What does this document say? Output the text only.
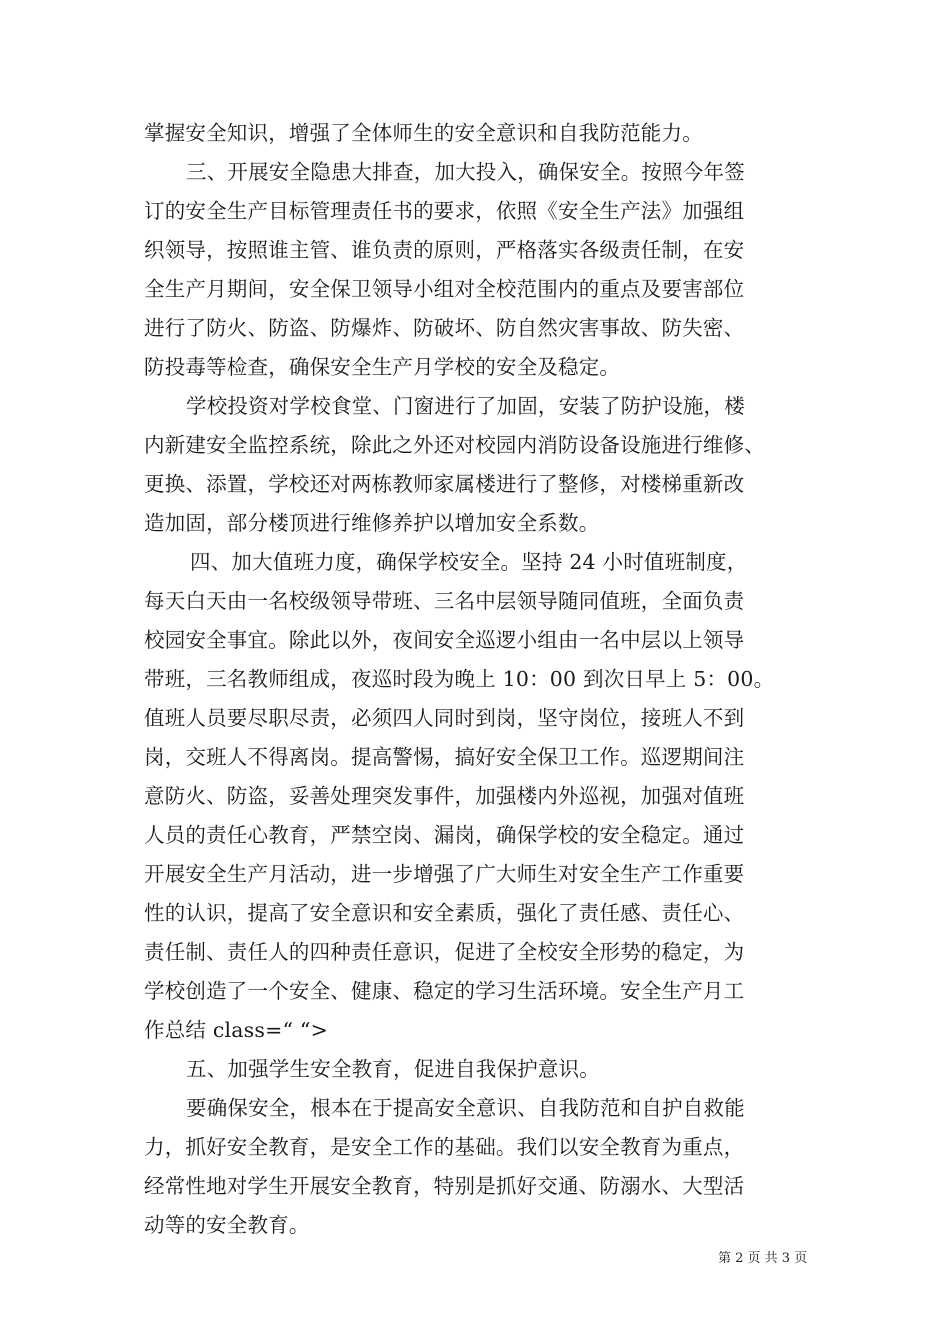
掌握安全知识，增强了全体师生的安全意识和自我防范能力。
三、开展安全隐患大排查，加大投入，确保安全。按照今年签
订的安全生产目标管理责任书的要求，依照《安全生产法》加强组
织领导，按照谁主管、谁负责的原则，严格落实各级责任制，在安
全生产月期间，安全保卫领导小组对全校范围内的重点及要害部位
进行了防火、防盗、防爆炸、防破坏、防自然灾害事故、防失密、
防投毒等检查，确保安全生产月学校的安全及稳定。
学校投资对学校食堂、门窗进行了加固，安装了防护设施，楼
内新建安全监控系统，除此之外还对校园内消防设备设施进行维修、
更换、添置，学校还对两栋教师家属楼进行了整修，对楼梯重新改
造加固，部分楼顶进行维修养护以增加安全系数。
四、加大值班力度，确保学校安全。坚持 24 小时值班制度，
每天白天由一名校级领导带班、三名中层领导随同值班，全面负责
校园安全事宜。除此以外，夜间安全巡逻小组由一名中层以上领导
带班，三名教师组成，夜巡时段为晚上 10：00 到次日早上 5：00。
值班人员要尽职尽责，必须四人同时到岗，坚守岗位，接班人不到
岗，交班人不得离岗。提高警惕，搞好安全保卫工作。巡逻期间注
意防火、防盗，妥善处理突发事件，加强楼内外巡视，加强对值班
人员的责任心教育，严禁空岗、漏岗，确保学校的安全稳定。通过
开展安全生产月活动，进一步增强了广大师生对安全生产工作重要
性的认识，提高了安全意识和安全素质，强化了责任感、责任心、
责任制、责任人的四种责任意识，促进了全校安全形势的稳定，为
学校创造了一个安全、健康、稳定的学习生活环境。安全生产月工
作总结 class=“ “>
五、加强学生安全教育，促进自我保护意识。
要确保安全，根本在于提高安全意识、自我防范和自护自救能
力，抓好安全教育，是安全工作的基础。我们以安全教育为重点，
经常性地对学生开展安全教育，特别是抓好交通、防溺水、大型活
动等的安全教育。
第 2 页 共 3 页
